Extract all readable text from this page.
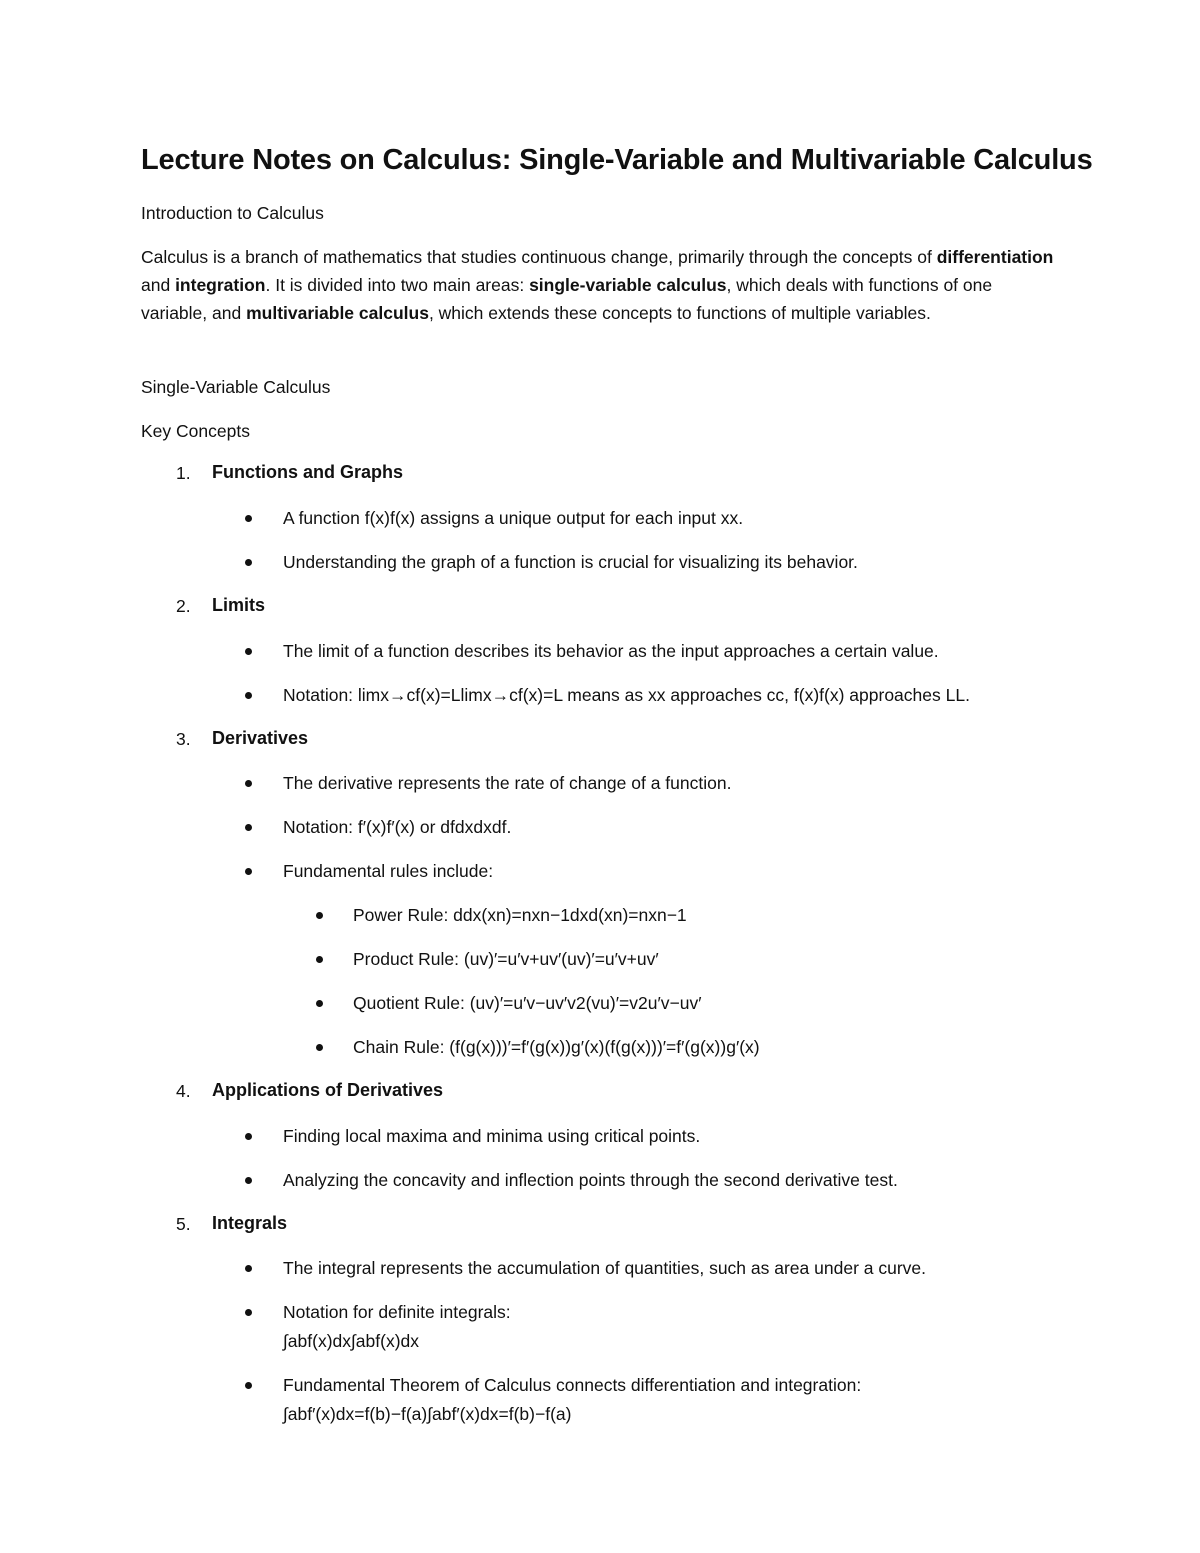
Lecture Notes on Calculus: Single-Variable and Multivariable Calculus
Introduction to Calculus
Calculus is a branch of mathematics that studies continuous change, primarily through the concepts of differentiation and integration. It is divided into two main areas: single-variable calculus, which deals with functions of one variable, and multivariable calculus, which extends these concepts to functions of multiple variables.
Single-Variable Calculus
Key Concepts
1. Functions and Graphs
A function f(x)f(x) assigns a unique output for each input xx.
Understanding the graph of a function is crucial for visualizing its behavior.
2. Limits
The limit of a function describes its behavior as the input approaches a certain value.
Notation: limx→cf(x)=Llimx→cf(x)=L means as xx approaches cc, f(x)f(x) approaches LL.
3. Derivatives
The derivative represents the rate of change of a function.
Notation: f′(x)f′(x) or dfdxdxdf.
Fundamental rules include:
Power Rule: ddx(xn)=nxn−1dxd(xn)=nxn−1
Product Rule: (uv)′=u′v+uv′(uv)′=u′v+uv′
Quotient Rule: (uv)′=u′v−uv′v2(vu)′=v2u′v−uv′
Chain Rule: (f(g(x)))′=f′(g(x))g′(x)(f(g(x)))′=f′(g(x))g′(x)
4. Applications of Derivatives
Finding local maxima and minima using critical points.
Analyzing the concavity and inflection points through the second derivative test.
5. Integrals
The integral represents the accumulation of quantities, such as area under a curve.
Notation for definite integrals:
∫abf(x)dx∫abf(x)dx
Fundamental Theorem of Calculus connects differentiation and integration:
∫abf′(x)dx=f(b)−f(a)∫abf′(x)dx=f(b)−f(a)
